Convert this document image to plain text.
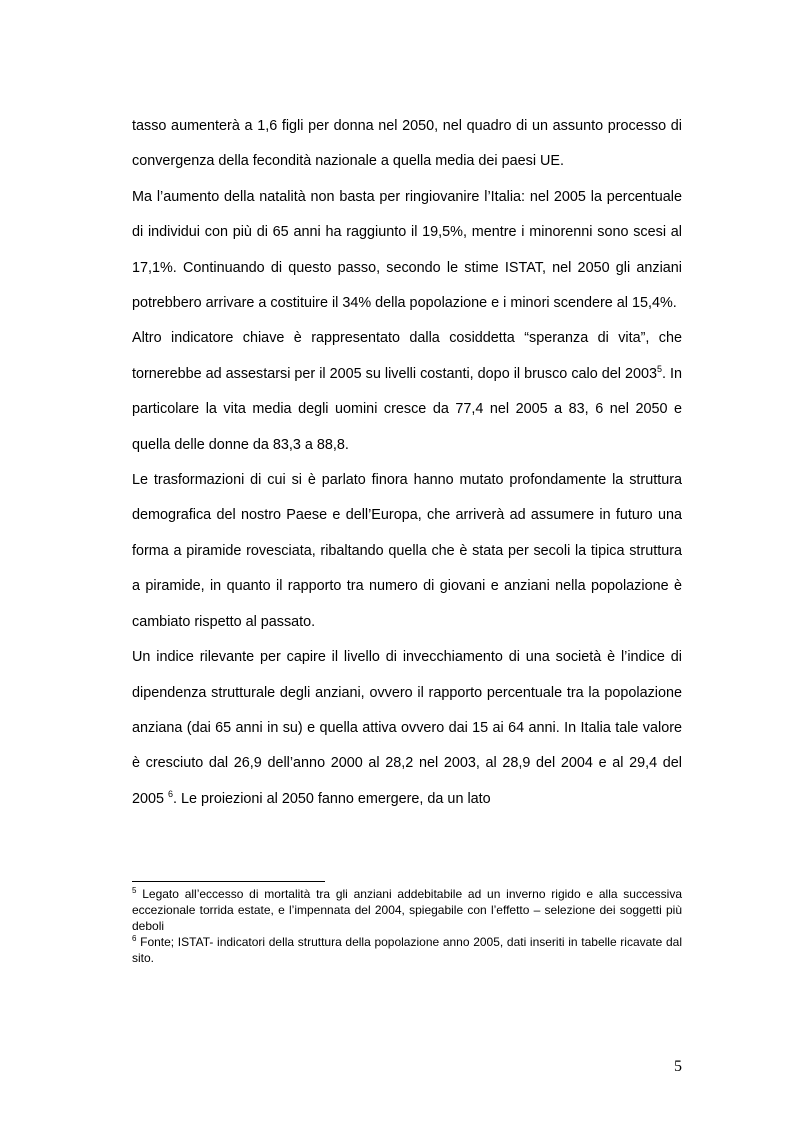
tasso aumenterà a 1,6 figli per donna nel 2050, nel quadro di un assunto processo di convergenza della fecondità nazionale a quella media dei paesi UE.

Ma l’aumento della natalità non basta per ringiovanire l’Italia: nel 2005 la percentuale di individui con più di 65 anni ha raggiunto il 19,5%, mentre i minorenni sono scesi al 17,1%. Continuando di questo passo, secondo le stime ISTAT, nel 2050 gli anziani potrebbero arrivare a costituire il 34% della popolazione e i minori scendere al 15,4%.

Altro indicatore chiave è rappresentato dalla cosiddetta “speranza di vita”, che tornerebbe ad assestarsi per il 2005 su livelli costanti, dopo il brusco calo del 2003$^5$. In particolare la vita media degli uomini cresce da 77,4 nel 2005 a 83, 6 nel 2050 e quella delle donne da 83,3 a 88,8.

Le trasformazioni di cui si è parlato finora hanno mutato profondamente la struttura demografica del nostro Paese e dell’Europa, che arriverà ad assumere in futuro una forma a piramide rovesciata, ribaltando quella che è stata per secoli la tipica struttura a piramide, in quanto il rapporto tra numero di giovani e anziani nella popolazione è cambiato rispetto al passato.

Un indice rilevante per capire il livello di invecchiamento di una società è l’indice di dipendenza strutturale degli anziani, ovvero il rapporto percentuale tra la popolazione anziana (dai 65 anni in su) e quella attiva ovvero dai 15 ai 64 anni. In Italia tale valore è cresciuto dal 26,9 dell’anno 2000 al 28,2 nel 2003, al 28,9 del 2004 e al 29,4 del 2005 $^6$. Le proiezioni al 2050 fanno emergere, da un lato

$^5$ Legato all’eccesso di mortalità tra gli anziani addebitabile ad un inverno rigido e alla successiva eccezionale torrida estate, e l’impennata del 2004, spiegabile con l’effetto – selezione dei soggetti più deboli

$^6$ Fonte; ISTAT- indicatori della struttura della popolazione anno 2005, dati inseriti in tabelle ricavate dal sito.

5
